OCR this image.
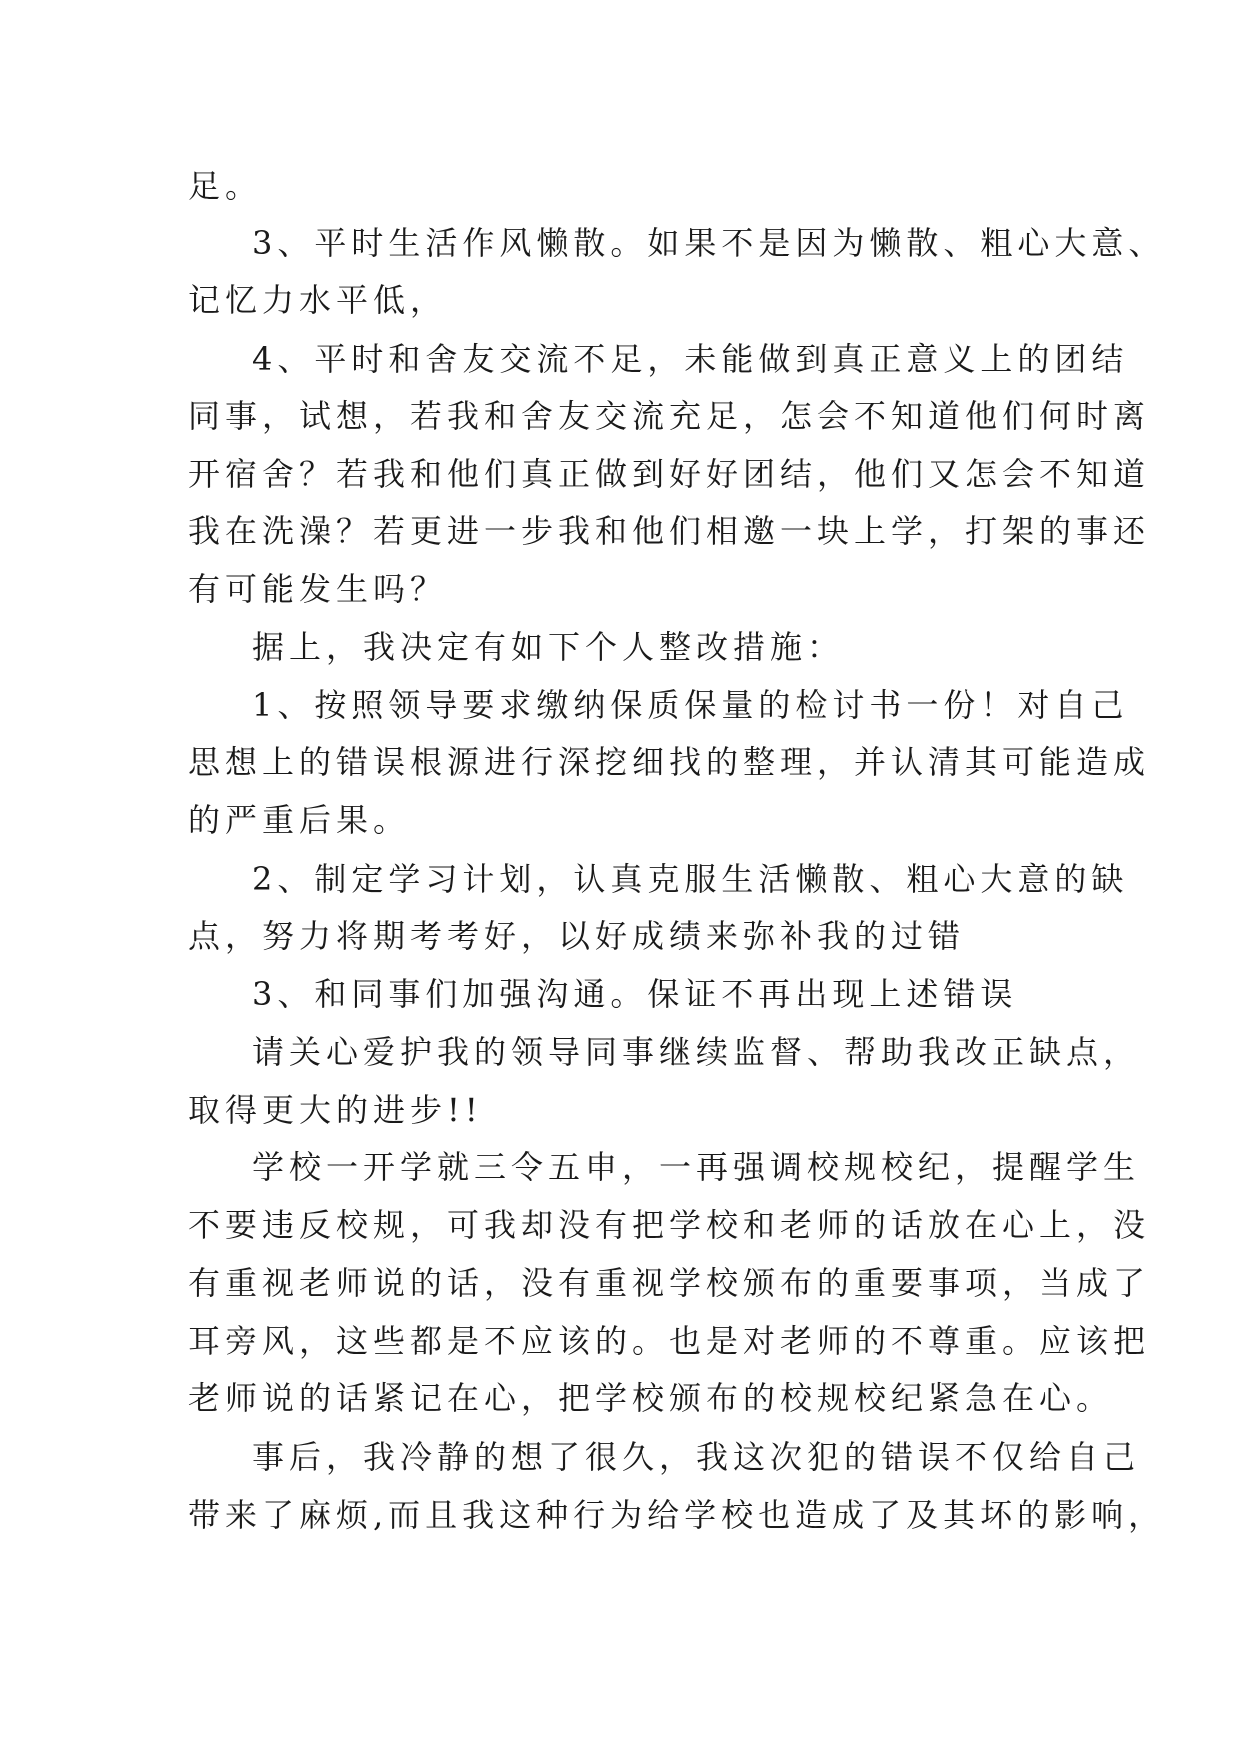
足。
3、平时生活作风懒散。如果不是因为懒散、粗心大意、
记忆力水平低，
4、平时和舍友交流不足，未能做到真正意义上的团结
同事，试想，若我和舍友交流充足，怎会不知道他们何时离
开宿舍？若我和他们真正做到好好团结，他们又怎会不知道
我在洗澡？若更进一步我和他们相邀一块上学，打架的事还
有可能发生吗？
据上，我决定有如下个人整改措施：
1、按照领导要求缴纳保质保量的检讨书一份！对自己
思想上的错误根源进行深挖细找的整理，并认清其可能造成
的严重后果。
2、制定学习计划，认真克服生活懒散、粗心大意的缺
点，努力将期考考好，以好成绩来弥补我的过错
3、和同事们加强沟通。保证不再出现上述错误
请关心爱护我的领导同事继续监督、帮助我改正缺点，
取得更大的进步!!
学校一开学就三令五申，一再强调校规校纪，提醒学生
不要违反校规，可我却没有把学校和老师的话放在心上，没
有重视老师说的话，没有重视学校颁布的重要事项，当成了
耳旁风，这些都是不应该的。也是对老师的不尊重。应该把
老师说的话紧记在心，把学校颁布的校规校纪紧急在心。
事后，我冷静的想了很久，我这次犯的错误不仅给自己
带来了麻烦,而且我这种行为给学校也造成了及其坏的影响，
